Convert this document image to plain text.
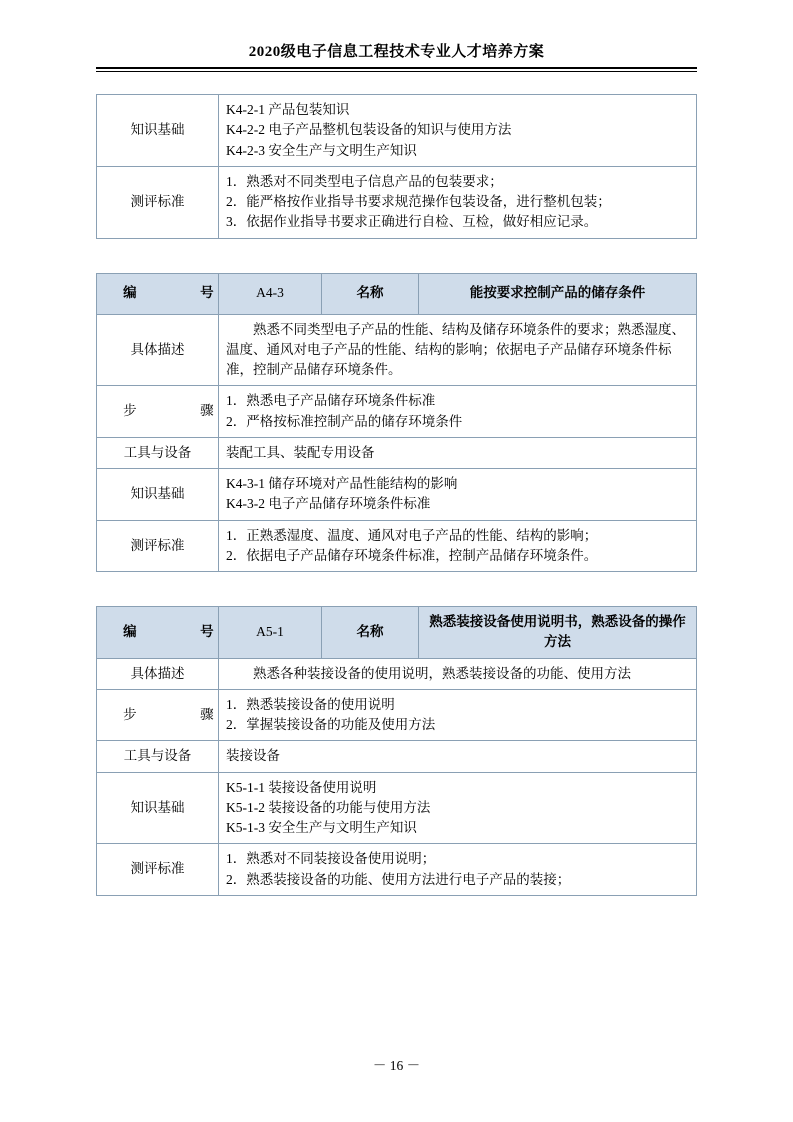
2020级电子信息工程技术专业人才培养方案
知识基础	K4-2-1 产品包装知识
K4-2-2 电子产品整机包装设备的知识与使用方法
K4-2-3 安全生产与文明生产知识

测评标准	1．熟悉对不同类型电子信息产品的包装要求；
2．能严格按作业指导书要求规范操作包装设备，进行整机包装；
3．依据作业指导书要求正确进行自检、互检，做好相应记录。
编　　号	A4-3	名称	能按要求控制产品的储存条件
具体描述	熟悉不同类型电子产品的性能、结构及储存环境条件的要求；熟悉湿度、温度、通风对电子产品的性能、结构的影响；依据电子产品储存环境条件标准，控制产品储存环境条件。		

步　　骤	1．熟悉电子产品储存环境条件标准
2．严格按标准控制产品的储存环境条件		

工具与设备	装配工具、装配专用设备		

知识基础	K4-3-1 储存环境对产品性能结构的影响
K4-3-2 电子产品储存环境条件标准		

测评标准	1．正熟悉湿度、温度、通风对电子产品的性能、结构的影响；
2．依据电子产品储存环境条件标准，控制产品储存环境条件。		
编　　号	A5-1	名称	熟悉装接设备使用说明书，熟悉设备的操作方法
具体描述	熟悉各种装接设备的使用说明，熟悉装接设备的功能、使用方法		

步　　骤	1．熟悉装接设备的使用说明
2．掌握装接设备的功能及使用方法		

工具与设备	装接设备		

知识基础	K5-1-1 装接设备使用说明
K5-1-2 装接设备的功能与使用方法
K5-1-3 安全生产与文明生产知识		

测评标准	1．熟悉对不同装接设备使用说明；
2．熟悉装接设备的功能、使用方法进行电子产品的装接；		
－ 16 －
